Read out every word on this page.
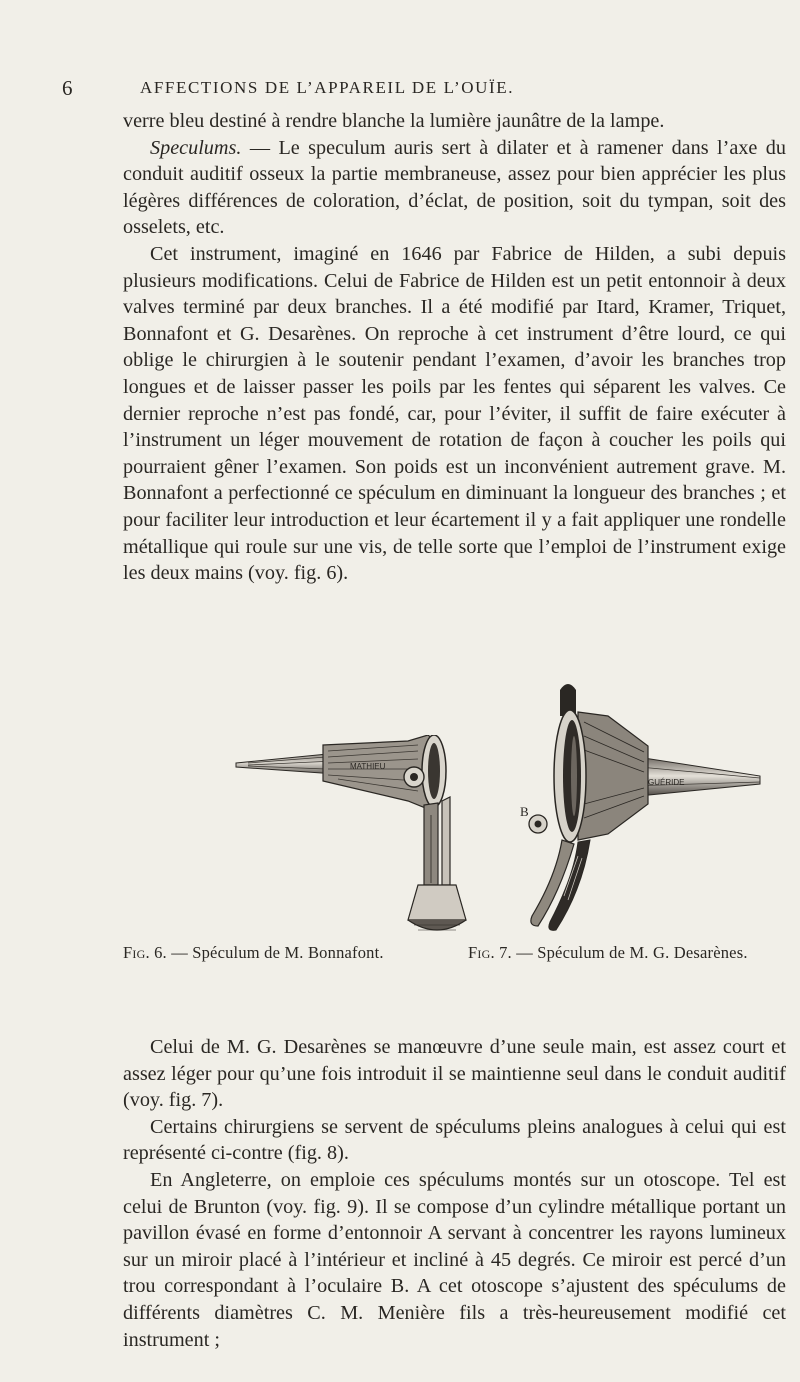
6	AFFECTIONS DE L’APPAREIL DE L’OUÏE.

verre bleu destiné à rendre blanche la lumière jaunâtre de la lampe.

Speculums. — Le speculum auris sert à dilater et à ramener dans l’axe du conduit auditif osseux la partie membraneuse, assez pour bien apprécier les plus légères différences de coloration, d’éclat, de position, soit du tympan, soit des osselets, etc.

Cet instrument, imaginé en 1646 par Fabrice de Hilden, a subi depuis plusieurs modifications. Celui de Fabrice de Hilden est un petit entonnoir à deux valves terminé par deux branches. Il a été modifié par Itard, Kramer, Triquet, Bonnafont et G. Desarènes. On reproche à cet instrument d’être lourd, ce qui oblige le chirurgien à le soutenir pendant l’examen, d’avoir les branches trop longues et de laisser passer les poils par les fentes qui séparent les valves. Ce dernier reproche n’est pas fondé, car, pour l’éviter, il suffit de faire exécuter à l’instrument un léger mouvement de rotation de façon à coucher les poils qui pourraient gêner l’examen. Son poids est un inconvénient autrement grave. M. Bonnafont a perfectionné ce spéculum en diminuant la longueur des branches ; et pour faciliter leur introduction et leur écartement il y a fait appliquer une rondelle métallique qui roule sur une vis, de telle sorte que l’emploi de l’instrument exige les deux mains (voy. fig. 6).

MATHIEU
GUÉRIDE
B
Fig. 6. — Spéculum de M. Bonnafont.	Fig. 7. — Spéculum de M. G. Desarènes.

Celui de M. G. Desarènes se manœuvre d’une seule main, est assez court et assez léger pour qu’une fois introduit il se maintienne seul dans le conduit auditif (voy. fig. 7).

Certains chirurgiens se servent de spéculums pleins analogues à celui qui est représenté ci-contre (fig. 8).

En Angleterre, on emploie ces spéculums montés sur un otoscope. Tel est celui de Brunton (voy. fig. 9). Il se compose d’un cylindre métallique portant un pavillon évasé en forme d’entonnoir A servant à concentrer les rayons lumineux sur un miroir placé à l’intérieur et incliné à 45 degrés. Ce miroir est percé d’un trou correspondant à l’oculaire B. A cet otoscope s’ajustent des spéculums de différents diamètres C. M. Menière fils a très-heureusement modifié cet instrument ;
